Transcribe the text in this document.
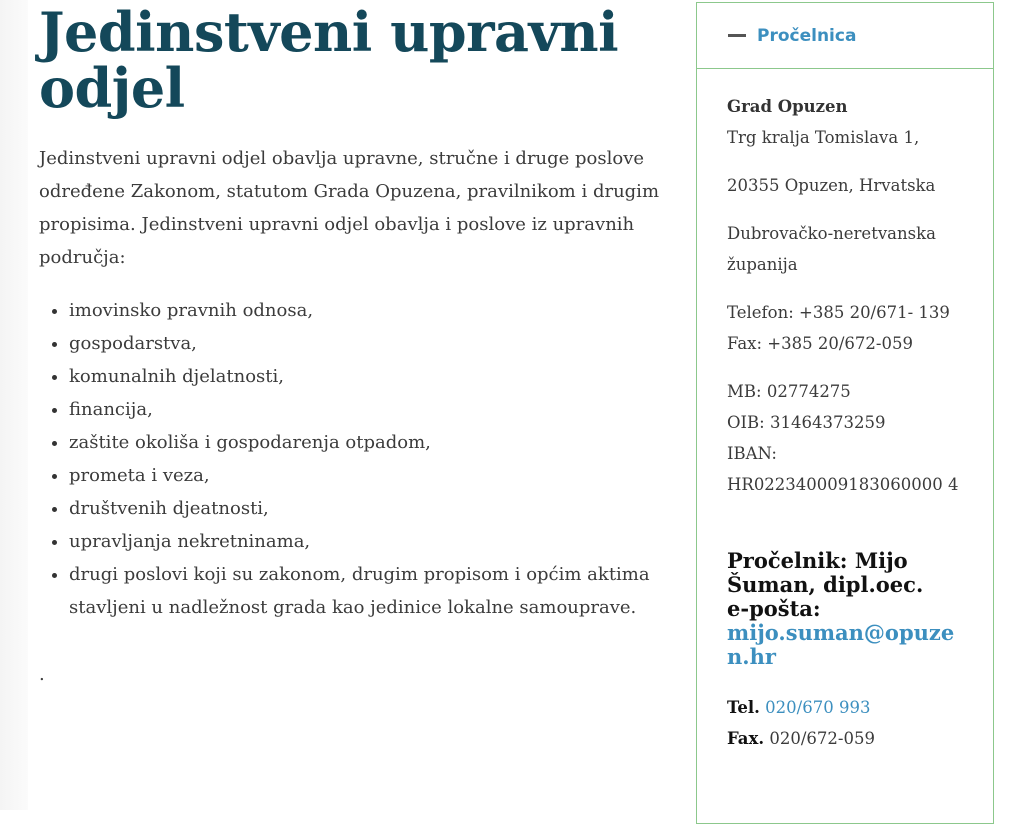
Jedinstveni upravni odjel

Jedinstveni upravni odjel obavlja upravne, stručne i druge poslove određene Zakonom, statutom Grada Opuzena, pravilnikom i drugim propisima. Jedinstveni upravni odjel obavlja i poslove iz upravnih područja:

• imovinsko pravnih odnosa,
• gospodarstva,
• komunalnih djelatnosti,
• financija,
• zaštite okoliša i gospodarenja otpadom,
• prometa i veza,
• društvenih djeatnosti,
• upravljanja nekretninama,
• drugi poslovi koji su zakonom, drugim propisom i općim aktima stavljeni u nadležnost grada kao jedinice lokalne samouprave.
.
Pročelnica

Grad Opuzen

Trg kralja Tomislava 1,

20355 Opuzen, Hrvatska

Dubrovačko-neretvanska županija

Telefon: +385 20/671- 139

Fax: +385 20/672-059

MB: 02774275

OIB: 31464373259

IBAN:

HR022340009183060000 4

Pročelnik: Mijo Šuman, dipl.oec.
e-pošta:
mijo.suman@opuzen.hr

Tel. 020/670 993

Fax. 020/672-059
